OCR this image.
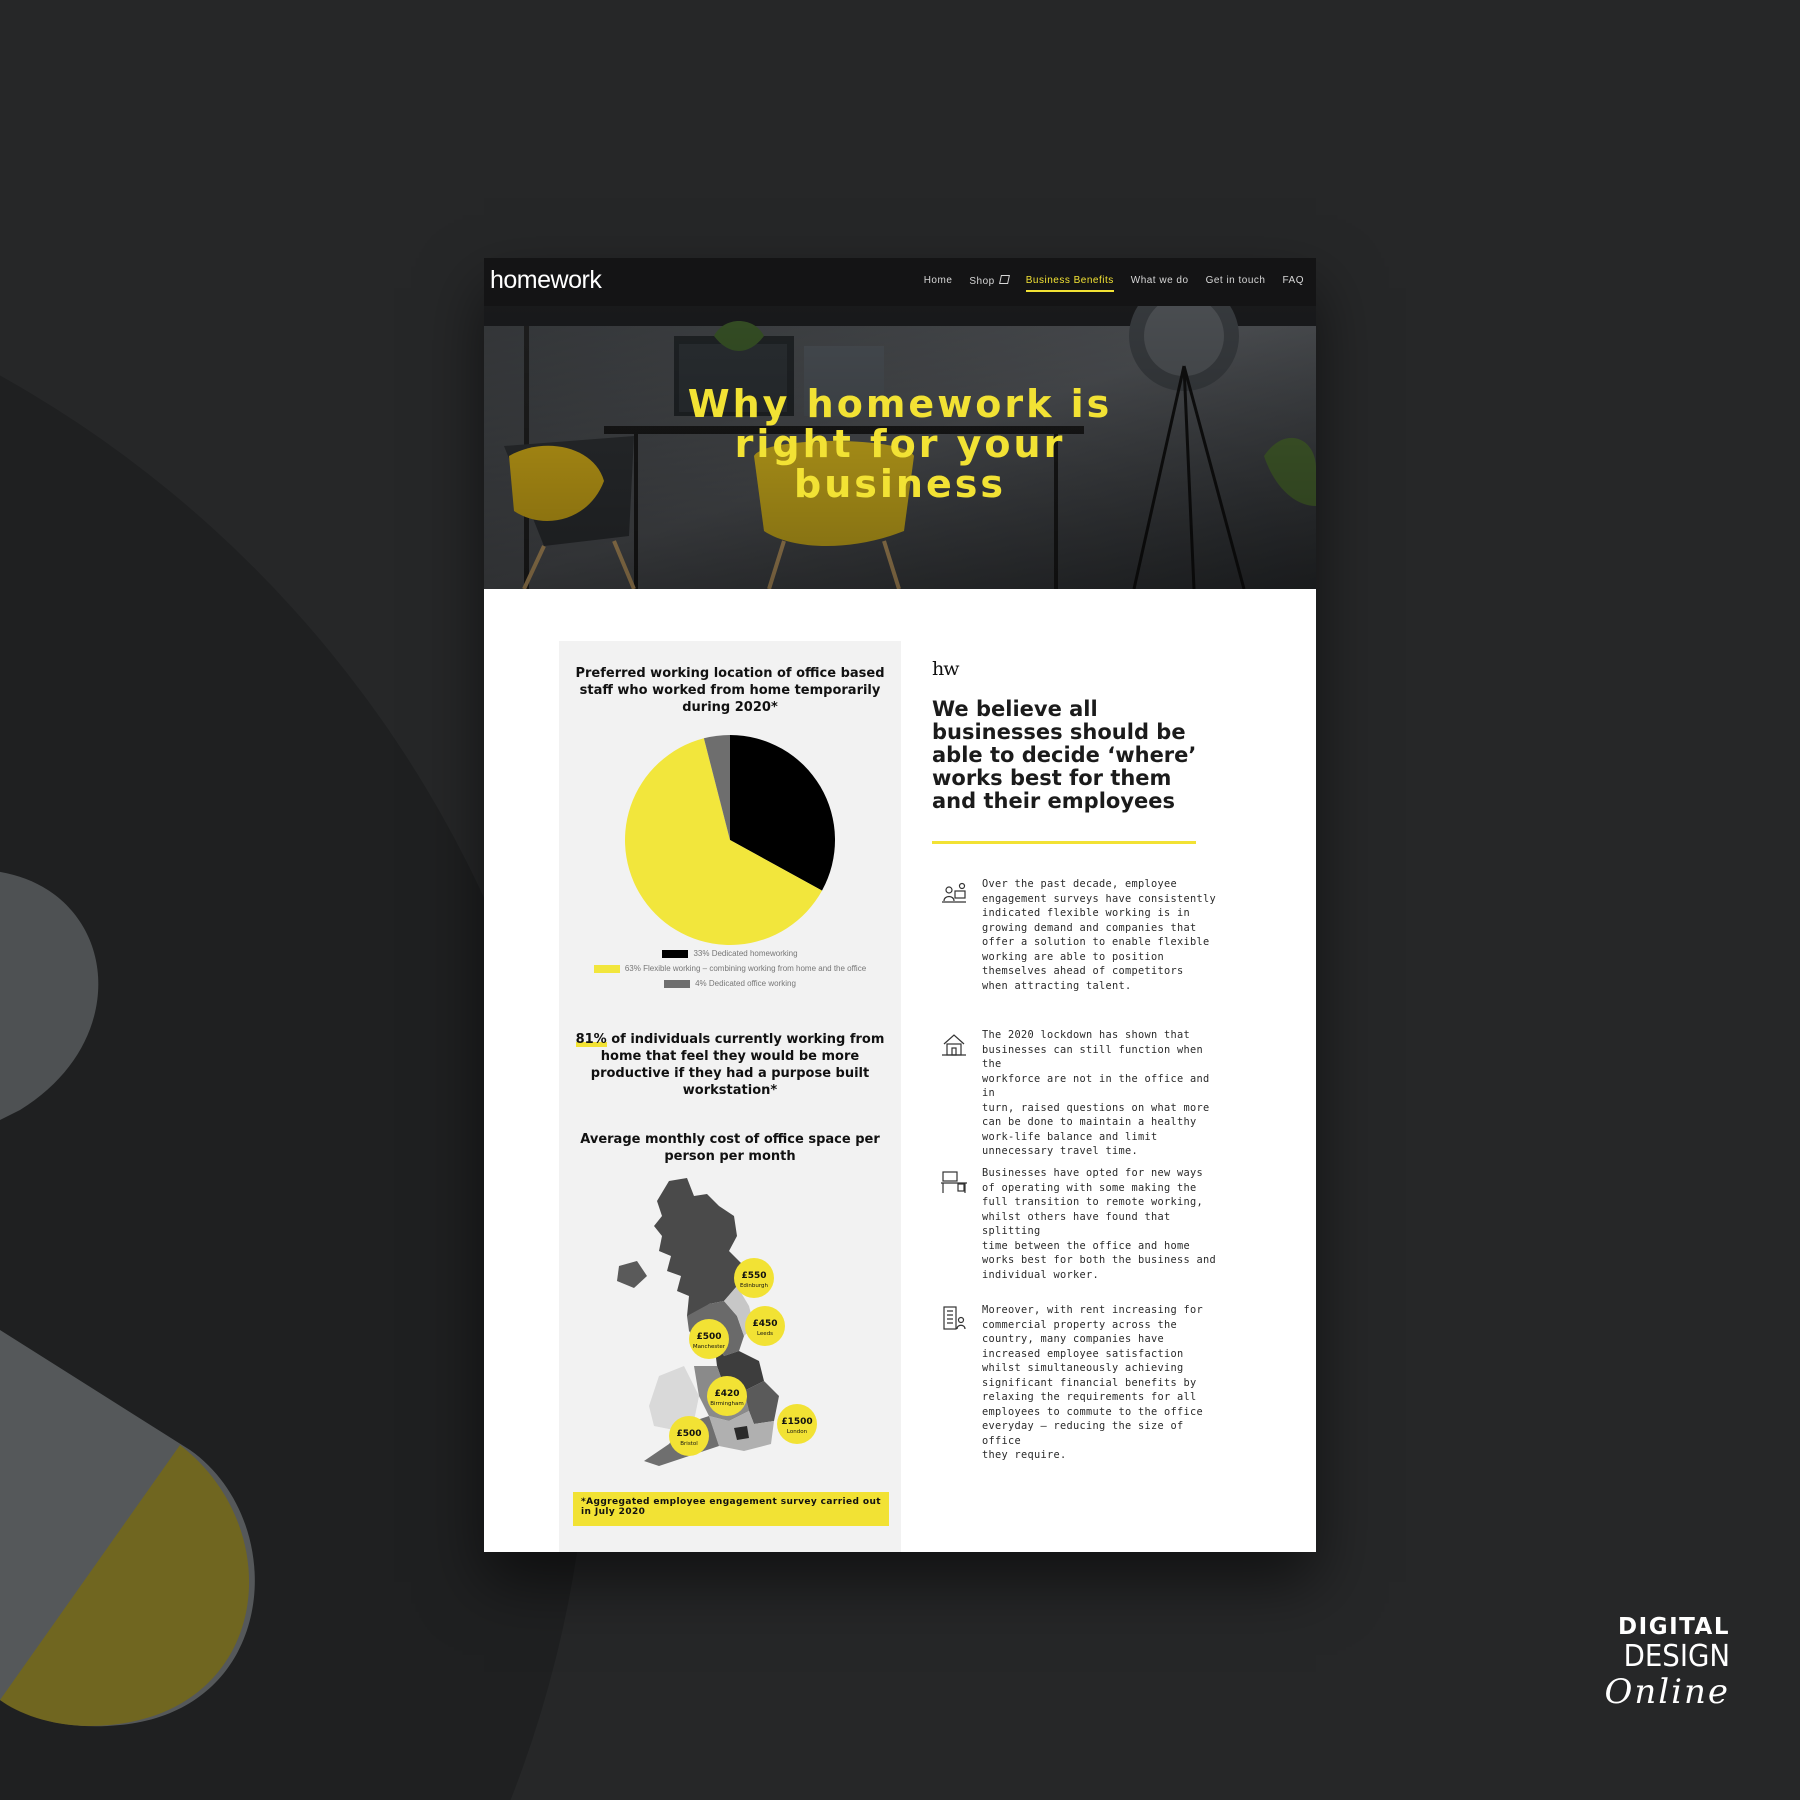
homework	Home Shop	Business Benefits What we do Get in touch FAQ
Why homework is
right for your
business
Preferred working location of office based
staff who worked from home temporarily
during 2020*
33% Dedicated homeworking
63% Flexible working – combining working from home and the office
4% Dedicated office working
81% of individuals currently working from
home that feel they would be more
productive if they had a purpose built
workstation*
Average monthly cost of office space per
person per month
£550
Edinburgh
£450
Leeds
£500
Manchester
£420
Birmingham
£1500
London
£500
Bristol
*Aggregated employee engagement survey carried out in July 2020
hw
We believe all
businesses should be
able to decide ‘where’
works best for them
and their employees
Over the past decade, employee
engagement surveys have consistently
indicated flexible working is in
growing demand and companies that
offer a solution to enable flexible
working are able to position
themselves ahead of competitors
when attracting talent.
The 2020 lockdown has shown that
businesses can still function when the
workforce are not in the office and in
turn, raised questions on what more
can be done to maintain a healthy
work-life balance and limit
unnecessary travel time.
Businesses have opted for new ways
of operating with some making the
full transition to remote working,
whilst others have found that splitting
time between the office and home
works best for both the business and
individual worker.
Moreover, with rent increasing for
commercial property across the
country, many companies have
increased employee satisfaction
whilst simultaneously achieving
significant financial benefits by
relaxing the requirements for all
employees to commute to the office
everyday – reducing the size of office
they require.
DIGITAL
DESIGN
Online
